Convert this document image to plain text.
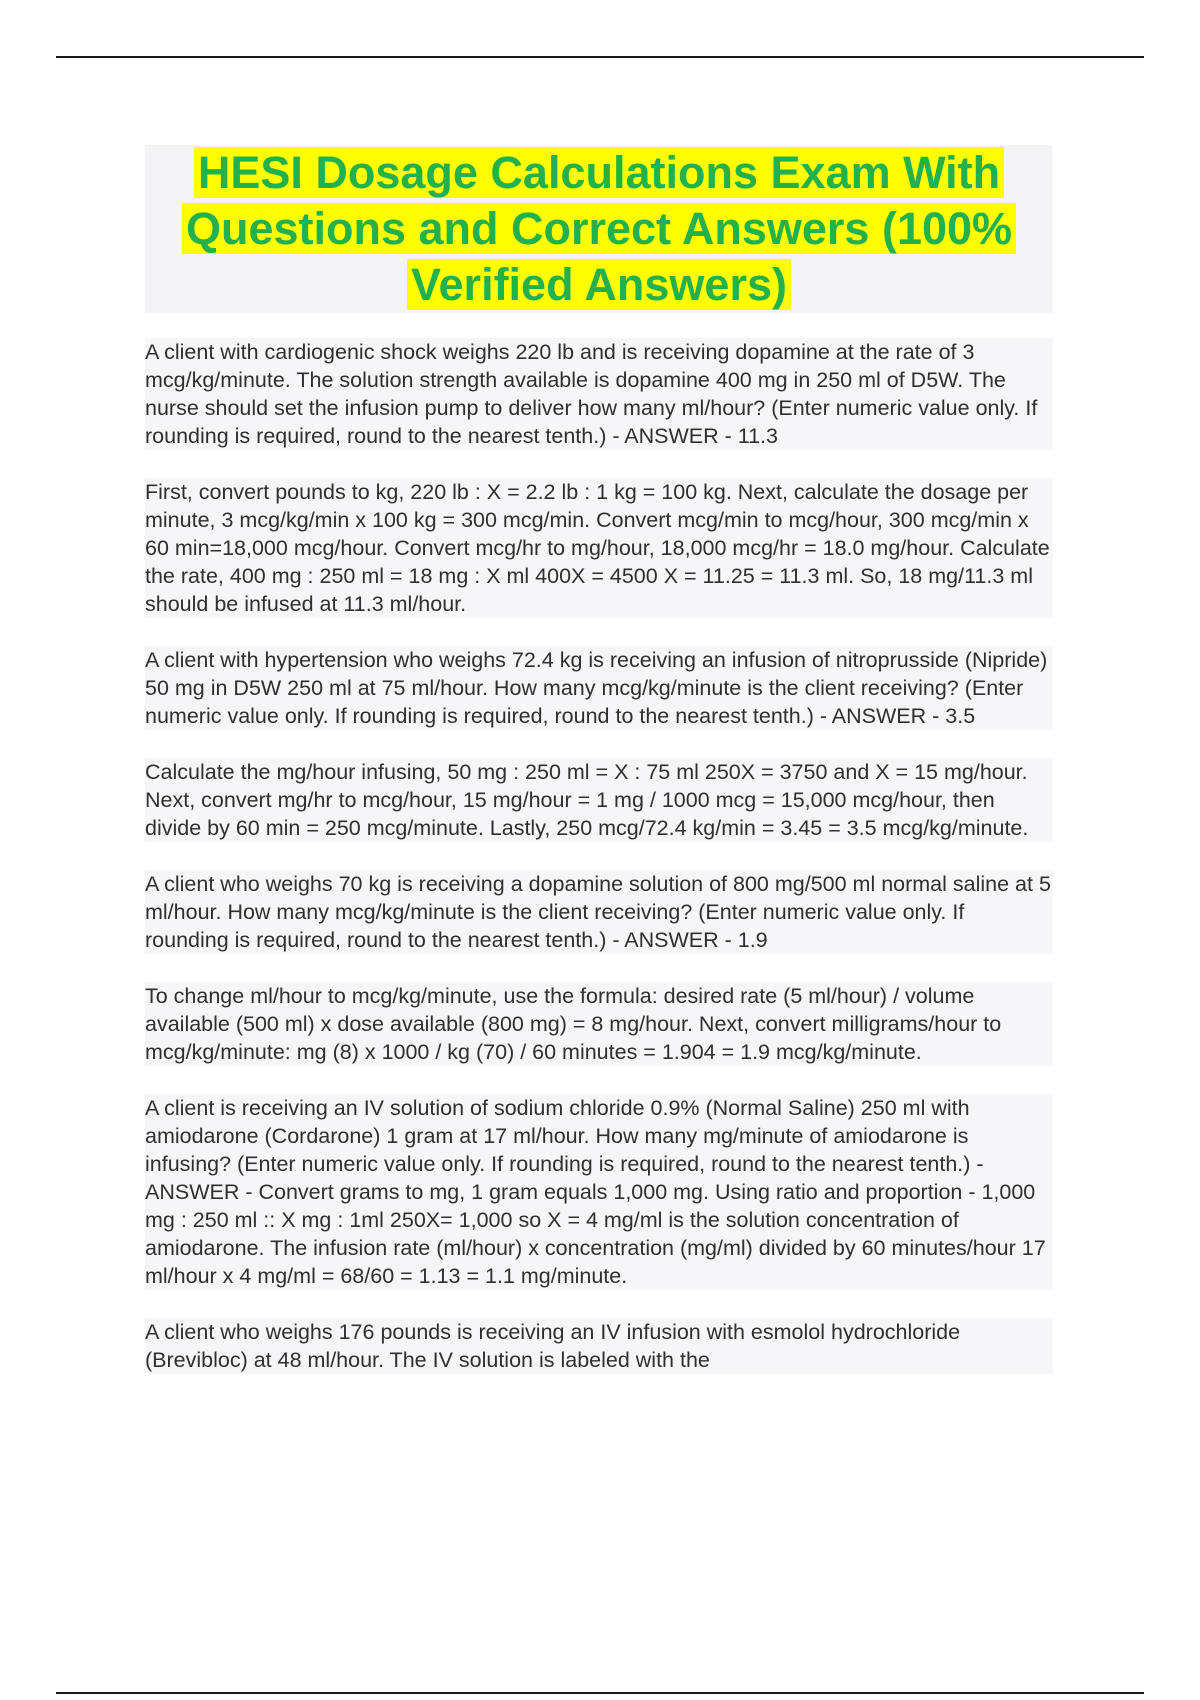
HESI Dosage Calculations Exam With Questions and Correct Answers (100% Verified Answers)

A client with cardiogenic shock weighs 220 lb and is receiving dopamine at the rate of 3 mcg/kg/minute. The solution strength available is dopamine 400 mg in 250 ml of D5W. The nurse should set the infusion pump to deliver how many ml/hour? (Enter numeric value only. If rounding is required, round to the nearest tenth.) - ANSWER - 11.3

First, convert pounds to kg, 220 lb : X = 2.2 lb : 1 kg = 100 kg. Next, calculate the dosage per minute, 3 mcg/kg/min x 100 kg = 300 mcg/min. Convert mcg/min to mcg/hour, 300 mcg/min x 60 min=18,000 mcg/hour. Convert mcg/hr to mg/hour, 18,000 mcg/hr = 18.0 mg/hour. Calculate the rate, 400 mg : 250 ml = 18 mg : X ml 400X = 4500 X = 11.25 = 11.3 ml. So, 18 mg/11.3 ml should be infused at 11.3 ml/hour.

A client with hypertension who weighs 72.4 kg is receiving an infusion of nitroprusside (Nipride) 50 mg in D5W 250 ml at 75 ml/hour. How many mcg/kg/minute is the client receiving? (Enter numeric value only. If rounding is required, round to the nearest tenth.) - ANSWER - 3.5

Calculate the mg/hour infusing, 50 mg : 250 ml = X : 75 ml 250X = 3750 and X = 15 mg/hour. Next, convert mg/hr to mcg/hour, 15 mg/hour = 1 mg / 1000 mcg = 15,000 mcg/hour, then divide by 60 min = 250 mcg/minute. Lastly, 250 mcg/72.4 kg/min = 3.45 = 3.5 mcg/kg/minute.

A client who weighs 70 kg is receiving a dopamine solution of 800 mg/500 ml normal saline at 5 ml/hour. How many mcg/kg/minute is the client receiving? (Enter numeric value only. If rounding is required, round to the nearest tenth.) - ANSWER - 1.9

To change ml/hour to mcg/kg/minute, use the formula: desired rate (5 ml/hour) / volume available (500 ml) x dose available (800 mg) = 8 mg/hour. Next, convert milligrams/hour to mcg/kg/minute: mg (8) x 1000 / kg (70) / 60 minutes = 1.904 = 1.9 mcg/kg/minute.

A client is receiving an IV solution of sodium chloride 0.9% (Normal Saline) 250 ml with amiodarone (Cordarone) 1 gram at 17 ml/hour. How many mg/minute of amiodarone is infusing? (Enter numeric value only. If rounding is required, round to the nearest tenth.) - ANSWER - Convert grams to mg, 1 gram equals 1,000 mg. Using ratio and proportion - 1,000 mg : 250 ml :: X mg : 1ml 250X= 1,000 so X = 4 mg/ml is the solution concentration of amiodarone. The infusion rate (ml/hour) x concentration (mg/ml) divided by 60 minutes/hour 17 ml/hour x 4 mg/ml = 68/60 = 1.13 = 1.1 mg/minute.

A client who weighs 176 pounds is receiving an IV infusion with esmolol hydrochloride (Brevibloc) at 48 ml/hour. The IV solution is labeled with the
